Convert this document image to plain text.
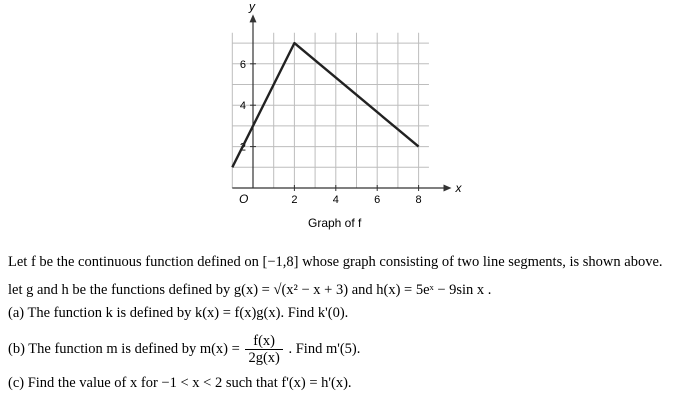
x
y
2	4	6	8
2
4
6
O
Graph of f
Let f be the continuous function defined on [−1,8] whose graph consisting of two line segments, is shown above.
let g and h be the functions defined by g(x) = √(x² − x + 3) and h(x) = 5eˣ − 9sin x .
(a) The function k is defined by k(x) = f(x)g(x). Find k'(0).
(b) The function m is defined by $m(x) = \frac{f(x)}{2g(x)}$ . Find m'(5).
(c) Find the value of x for −1 < x < 2 such that f'(x) = h'(x).
